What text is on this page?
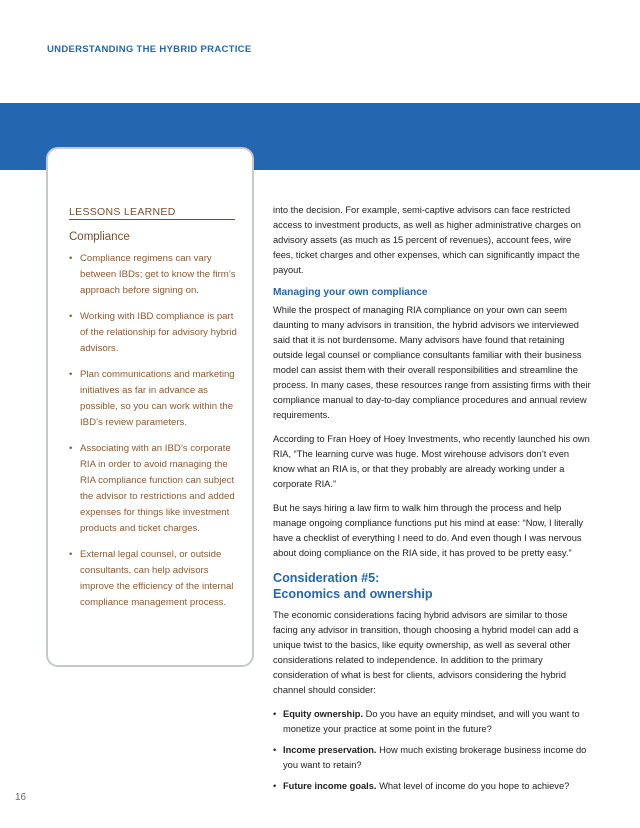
UNDERSTANDING THE HYBRID PRACTICE
LESSONS LEARNED
Compliance
• Compliance regimens can vary between IBDs; get to know the firm’s approach before signing on.
• Working with IBD compliance is part of the relationship for advisory hybrid advisors.
• Plan communications and marketing initiatives as far in advance as possible, so you can work within the IBD’s review parameters.
• Associating with an IBD’s corporate RIA in order to avoid managing the RIA compliance function can subject the advisor to restrictions and added expenses for things like investment products and ticket charges.
• External legal counsel, or outside consultants, can help advisors improve the efficiency of the internal compliance management process.

into the decision. For example, semi-captive advisors can face restricted access to investment products, as well as higher administrative charges on advisory assets (as much as 15 percent of revenues), account fees, wire fees, ticket charges and other expenses, which can significantly impact the payout.

Managing your own compliance

While the prospect of managing RIA compliance on your own can seem daunting to many advisors in transition, the hybrid advisors we interviewed said that it is not burdensome. Many advisors have found that retaining outside legal counsel or compliance consultants familiar with their business model can assist them with their overall responsibilities and streamline the process. In many cases, these resources range from assisting firms with their compliance manual to day-to-day compliance procedures and annual review requirements.

According to Fran Hoey of Hoey Investments, who recently launched his own RIA, “The learning curve was huge. Most wirehouse advisors don’t even know what an RIA is, or that they probably are already working under a corporate RIA.”

But he says hiring a law firm to walk him through the process and help manage ongoing compliance functions put his mind at ease: “Now, I literally have a checklist of everything I need to do. And even though I was nervous about doing compliance on the RIA side, it has proved to be pretty easy.”

Consideration #5:
Economics and ownership

The economic considerations facing hybrid advisors are similar to those facing any advisor in transition, though choosing a hybrid model can add a unique twist to the basics, like equity ownership, as well as several other considerations related to independence. In addition to the primary consideration of what is best for clients, advisors considering the hybrid channel should consider:

• Equity ownership. Do you have an equity mindset, and will you want to monetize your practice at some point in the future?
• Income preservation. How much existing brokerage business income do you want to retain?
• Future income goals. What level of income do you hope to achieve?
16
